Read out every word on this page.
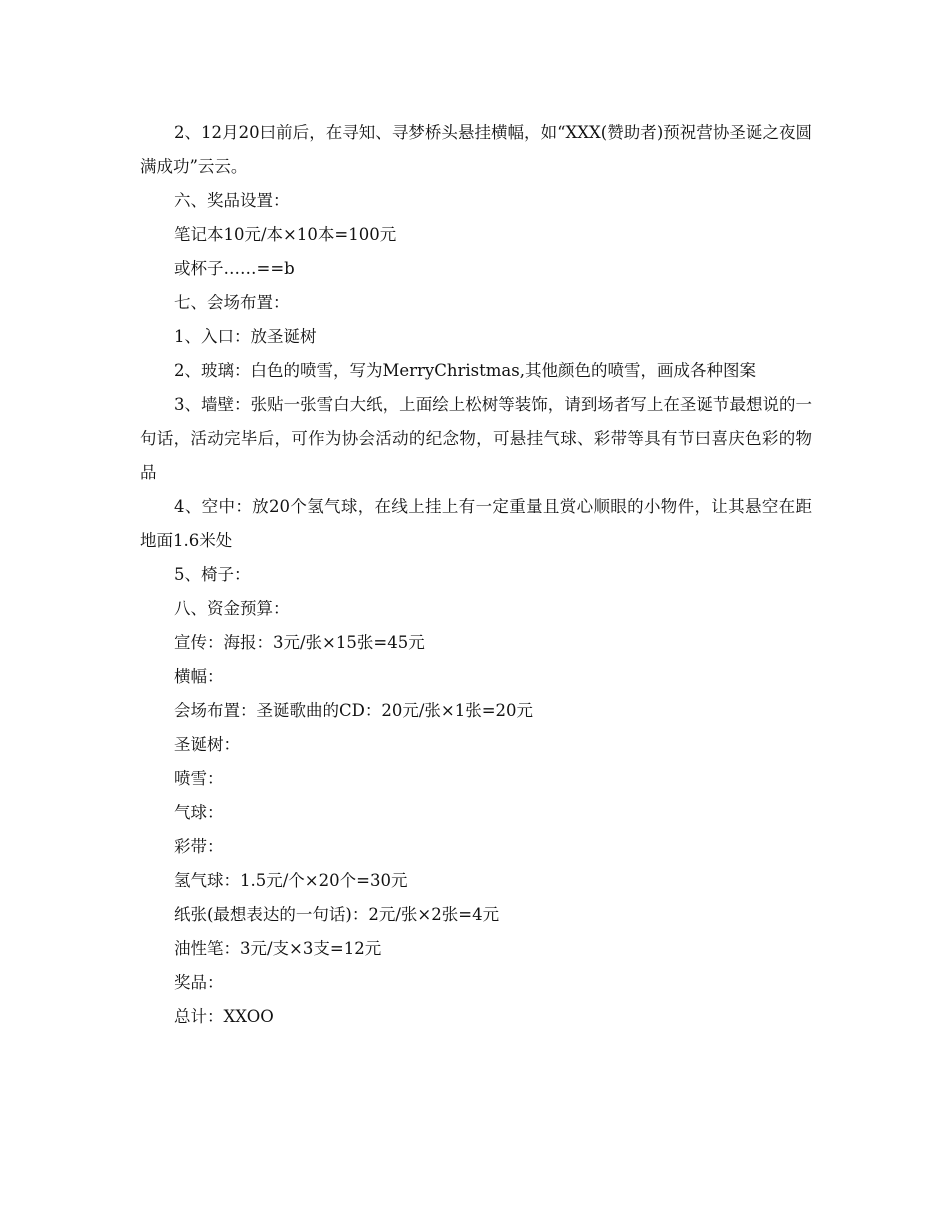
2、12月20曰前后，在寻知、寻梦桥头悬挂横幅，如“XXX(赞助者)预祝营协圣诞之夜圆满成功”云云。

六、奖品设置：

笔记本10元/本×10本=100元

或杯子……==b

七、会场布置：

1、入口：放圣诞树

2、玻璃：白色的喷雪，写为MerryChristmas,其他颜色的喷雪，画成各种图案

3、墙壁：张贴一张雪白大纸，上面绘上松树等装饰，请到场者写上在圣诞节最想说的一句话，活动完毕后，可作为协会活动的纪念物，可悬挂气球、彩带等具有节曰喜庆色彩的物品

4、空中：放20个氢气球，在线上挂上有一定重量且赏心顺眼的小物件，让其悬空在距地面1.6米处

5、椅子：

八、资金预算：

宣传：海报：3元/张×15张=45元

横幅：

会场布置：圣诞歌曲的CD：20元/张×1张=20元

圣诞树：

喷雪：

气球：

彩带：

氢气球：1.5元/个×20个=30元

纸张(最想表达的一句话)：2元/张×2张=4元

油性笔：3元/支×3支=12元

奖品：

总计：XXOO
